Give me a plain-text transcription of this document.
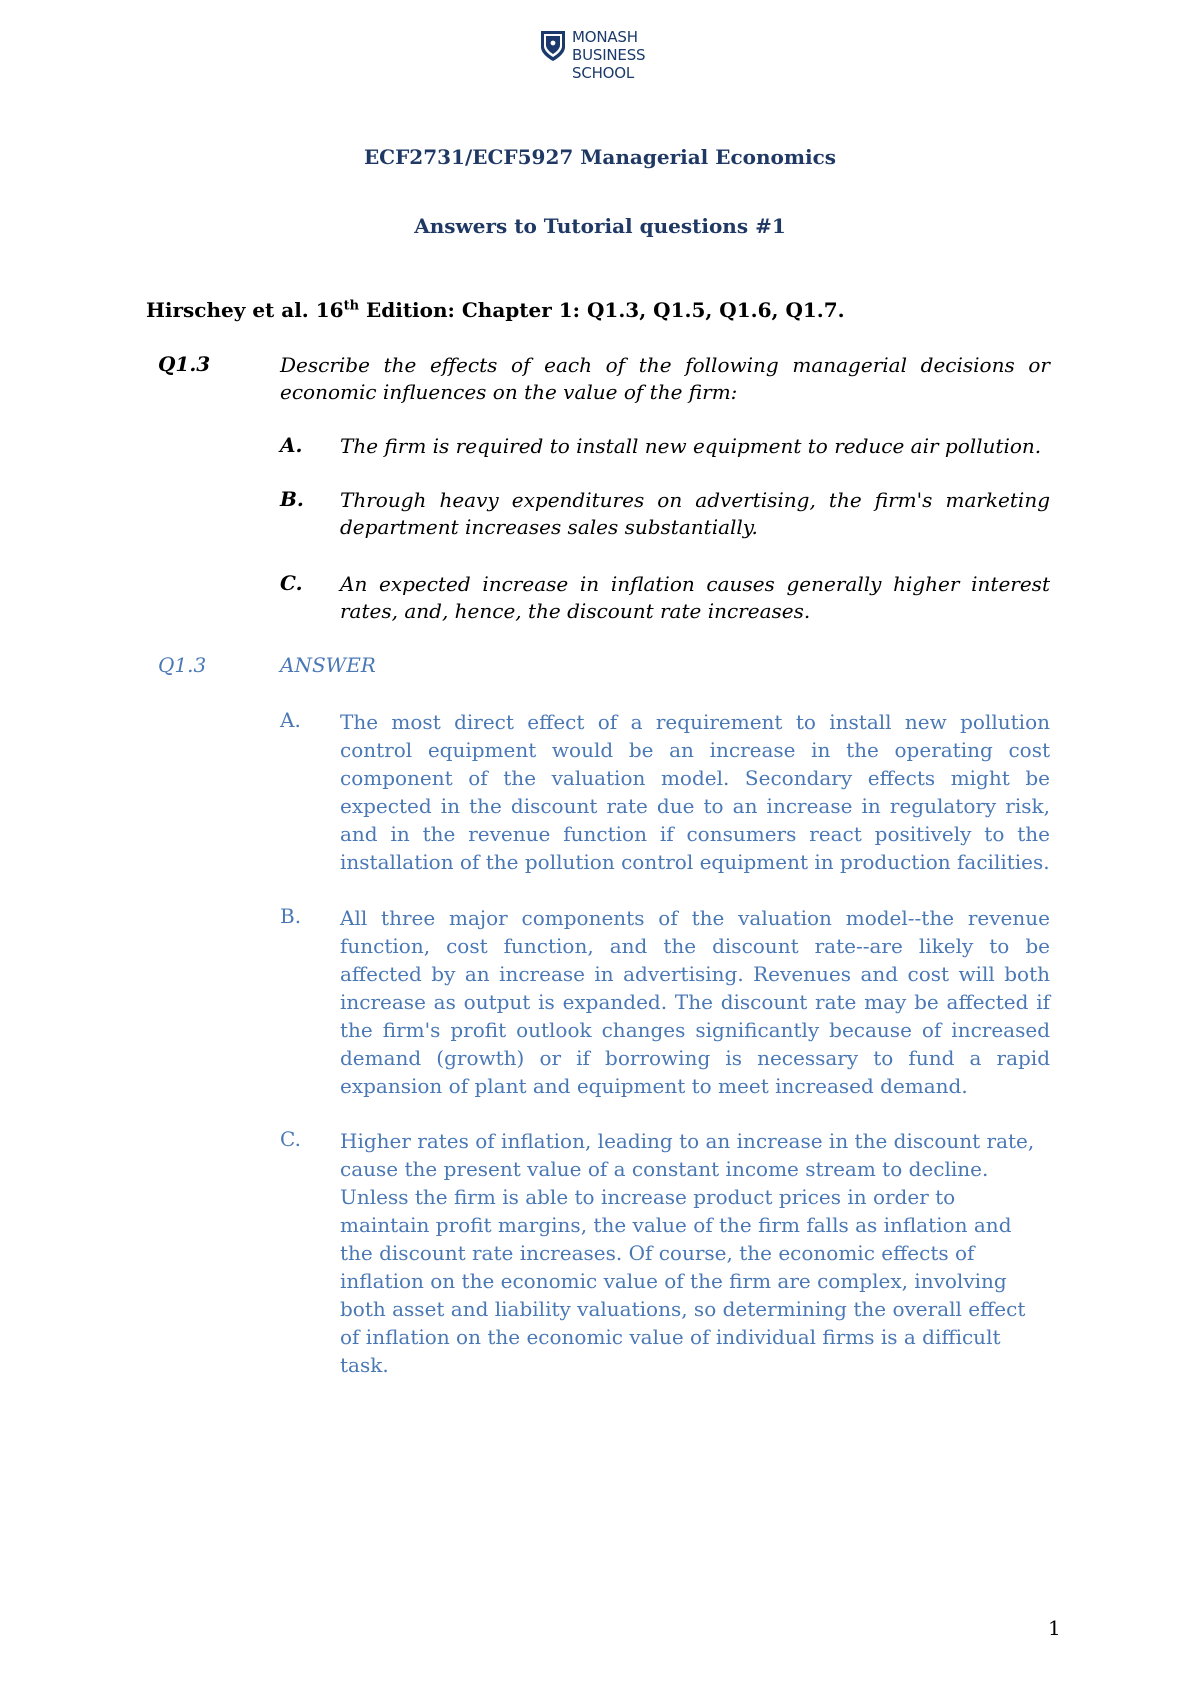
MONASH
BUSINESS
SCHOOL
ECF2731/ECF5927 Managerial Economics
Answers to Tutorial questions #1
Hirschey et al. 16th Edition: Chapter 1: Q1.3, Q1.5, Q1.6, Q1.7.
Q1.3	Describe the effects of each of the following managerial decisions or economic influences on the value of the firm:
A. The firm is required to install new equipment to reduce air pollution.
B. Through heavy expenditures on advertising, the firm's marketing department increases sales substantially.
C. An expected increase in inflation causes generally higher interest rates, and, hence, the discount rate increases.
Q1.3	ANSWER
A. The most direct effect of a requirement to install new pollution control equipment would be an increase in the operating cost component of the valuation model. Secondary effects might be expected in the discount rate due to an increase in regulatory risk, and in the revenue function if consumers react positively to the installation of the pollution control equipment in production facilities.
B. All three major components of the valuation model--the revenue function, cost function, and the discount rate--are likely to be affected by an increase in advertising. Revenues and cost will both increase as output is expanded. The discount rate may be affected if the firm's profit outlook changes significantly because of increased demand (growth) or if borrowing is necessary to fund a rapid expansion of plant and equipment to meet increased demand.
C. Higher rates of inflation, leading to an increase in the discount rate, cause the present value of a constant income stream to decline. Unless the firm is able to increase product prices in order to maintain profit margins, the value of the firm falls as inflation and the discount rate increases. Of course, the economic effects of inflation on the economic value of the firm are complex, involving both asset and liability valuations, so determining the overall effect of inflation on the economic value of individual firms is a difficult task.
1
